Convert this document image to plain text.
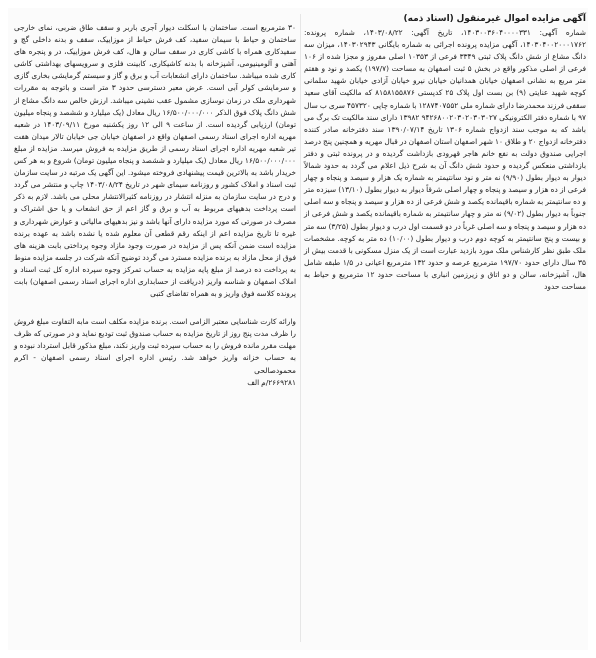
آگهی مزایده اموال غیرمنقول (اسناد ذمه)

شماره آگهی: ۱۴۰۳۰۰۳۶۰۴۰۰۰۰۳۳۱، تاریخ آگهی: ۱۴۰۳/۰۸/۲۲، شماره پرونده: ۱۴۰۳۰۴۰۰۲۰۰۰۱۷۶۲، آگهی مزایده پرونده اجرائی به شماره بایگانی ۱۴۰۳۰۲۹۴۳، میزان سه دانگ مشاع از شش دانگ پلاک ثبتی ۳۳۴۹ فرعی از ۱۰۳۵۳ اصلی مفروز و مجزا شده از ۱۰۶ فرعی از اصلی مذکور واقع در بخش ۵ ثبت اصفهان به مساحت (۱۹۷/۷) یکصد و نود و هفتم متر مربع به نشانی اصفهان خیابان همدانیان خیابان نیرو خیابان آزادی خیابان شهید سلمانی کوچه شهید عنایتی (۹) بن بست اول پلاک ۲۵ کدپستی ۸۱۵۸۱۵۵۸۷۶ که مالکیت آقای سعید سقفی فرزند محمدرضا دارای شماره ملی ۱۲۸۷۴۰۷۵۵۲ با شماره چاپی ۴۵۷۳۲۰ سری ب سال ۹۷ با شماره دفتر الکترونیکی ۹۴۲۶۸۰۰۲۰۳۰۲۰۳۰۳۰۲۷ ۱۳۹۸۲ دارای سند مالکیت تک برگ می باشد که به موجب سند ازدواج شماره ۱۳۰۶ تاریخ ۱۳۹۰/۰۷/۱۴ سند دفترخانه صادر کننده دفترخانه ازدواج ۲۰ و طلاق ۱۰ شهر اصفهان استان اصفهان در قبال مهریه و همچنین پنج درصد اجرایی صندوق دولت به نفع خانم هاجر قهرودی بازداشت گردیده و در پرونده ثبتی و دفتر بازداشتی منعکس گردیده و حدود شش دانگ آن به شرح ذیل اعلام می گردد به حدود شمالاً دیوار به دیوار بطول (۹/۹۰) نه متر و نود سانتیمتر به شماره یک هزار و سیصد و پنجاه و چهار فرعی از ده هزار و سیصد و پنجاه و چهار اصلی شرقاً دیوار به دیوار بطول (۱۳/۱۰) سیزده متر و ده سانتیمتر به شماره باقیمانده یکصد و شش فرعی از ده هزار و سیصد و پنجاه و سه اصلی جنوباً به دیوار بطول (۹/۰۲) نه متر و چهار سانتیمتر به شماره باقیمانده یکصد و شش فرعی از ده هزار و سیصد و پنجاه و سه اصلی غرباً در دو قسمت اول درب و دیوار بطول (۳/۲۵) سه متر و بیست و پنج سانتیمتر به کوچه دوم درب و دیوار بطول (۱۰/۰۰) ده متر به کوچه. مشخصات ملک طبق نظر کارشناس ملک مورد بازدید عبارت است از یک منزل مسکونی با قدمت بیش از ۳۵ سال دارای حدود ۱۹۷/۷۰ مترمربع عرصه و حدود ۱۳۲ مترمربع اعیانی در ۱/۵ طبقه شامل هال، آشپزخانه، سالن و دو اتاق و زیرزمین انباری با مساحت حدود ۱۲ مترمربع و حیاط به مساحت حدود

۳۰ مترمربع است. ساختمان با اسکلت دیوار آجری باربر و سقف طاق ضربی، نمای خارجی ساختمان و حیاط با سیمان سفید، کف فرش حیاط از موزاییک، سقف و بدنه داخلی گچ و سفیدکاری همراه با کاشی کاری در سقف سالن و هال، کف فرش موزاییک، در و پنجره های آهنی و آلومینیومی، آشپزخانه با بدنه کاشیکاری، کابینت فلزی و سرویسهای بهداشتی کاشی کاری شده میباشد. ساختمان دارای انشعابات آب و برق و گاز و سیستم گرمایشی بخاری گازی و سرمایشی کولر آبی است. عرض معبر دسترسی حدود ۳ متر است و باتوجه به مقررات شهرداری ملک در زمان نوسازی مشمول عقب نشینی میباشد. ارزش خالص سه دانگ مشاع از شش دانگ پلاک فوق الذکر ۱۶/۵۰۰/۰۰۰/۰۰۰ ریال معادل (یک میلیارد و ششصد و پنجاه میلیون تومان) ارزیابی گردیده است. از ساعت ۹ الی ۱۲ روز یکشنبه مورخ ۱۴۰۳/۰۹/۱۱ در شعبه مهریه اداره اجرای اسناد رسمی اصفهان واقع در اصفهان خیابان جی خیابان تالار میدان هفت تیر شعبه مهریه اداره اجرای اسناد رسمی از طریق مزایده به فروش میرسد. مزایده از مبلغ ۱۶/۵۰۰/۰۰۰/۰۰۰ ریال معادل (یک میلیارد و ششصد و پنجاه میلیون تومان) شروع و به هر کس خریدار باشد به بالاترین قیمت پیشنهادی فروخته میشود. این آگهی یک مرتبه در سایت سازمان ثبت اسناد و املاک کشور و روزنامه سیمای شهر در تاریخ ۱۴۰۳/۰۸/۲۴ چاپ و منتشر می گردد و درج در سایت سازمان به منزله انتشار در روزنامه کثیرالانتشار محلی می باشد. لازم به ذکر است پرداخت بدهیهای مربوط به آب و برق و گاز اعم از حق انشعاب و یا حق اشتراک و مصرف در صورتی که مورد مزایده دارای آنها باشد و نیز بدهیهای مالیاتی و عوارض شهرداری و غیره تا تاریخ مزایده اعم از اینکه رقم قطعی آن معلوم شده یا نشده باشد به عهده برنده مزایده است ضمن آنکه پس از مزایده در صورت وجود مازاد وجوه پرداختی بابت هزینه های فوق از محل مازاد به برنده مزایده مسترد می گردد توضیح آنکه شرکت در جلسه مزایده منوط به پرداخت ده درصد از مبلغ پایه مزایده به حساب تمرکز وجوه سپرده اداره کل ثبت اسناد و املاک اصفهان و شناسه واریز (دریافت از حسابداری اداره اجرای اسناد رسمی اصفهان) بابت پرونده کلاسه فوق واریز و به همراه تقاضای کتبی

وارائه کارت شناسایی معتبر الزامی است. برنده مزایده مکلف است مابه التفاوت مبلغ فروش را ظرف مدت پنج روز از تاریخ مزایده به حساب صندوق ثبت تودیع نماید و در صورتی که ظرف مهلت مقرر مانده فروش را به حساب سپرده ثبت واریز نکند، مبلغ مذکور قابل استرداد نبوده و به حساب خزانه واریز خواهد شد. رئیس اداره اجرای اسناد رسمی اصفهان - اکرم محمودصالحی

۲۶۶۹۲۸۱/م الف
